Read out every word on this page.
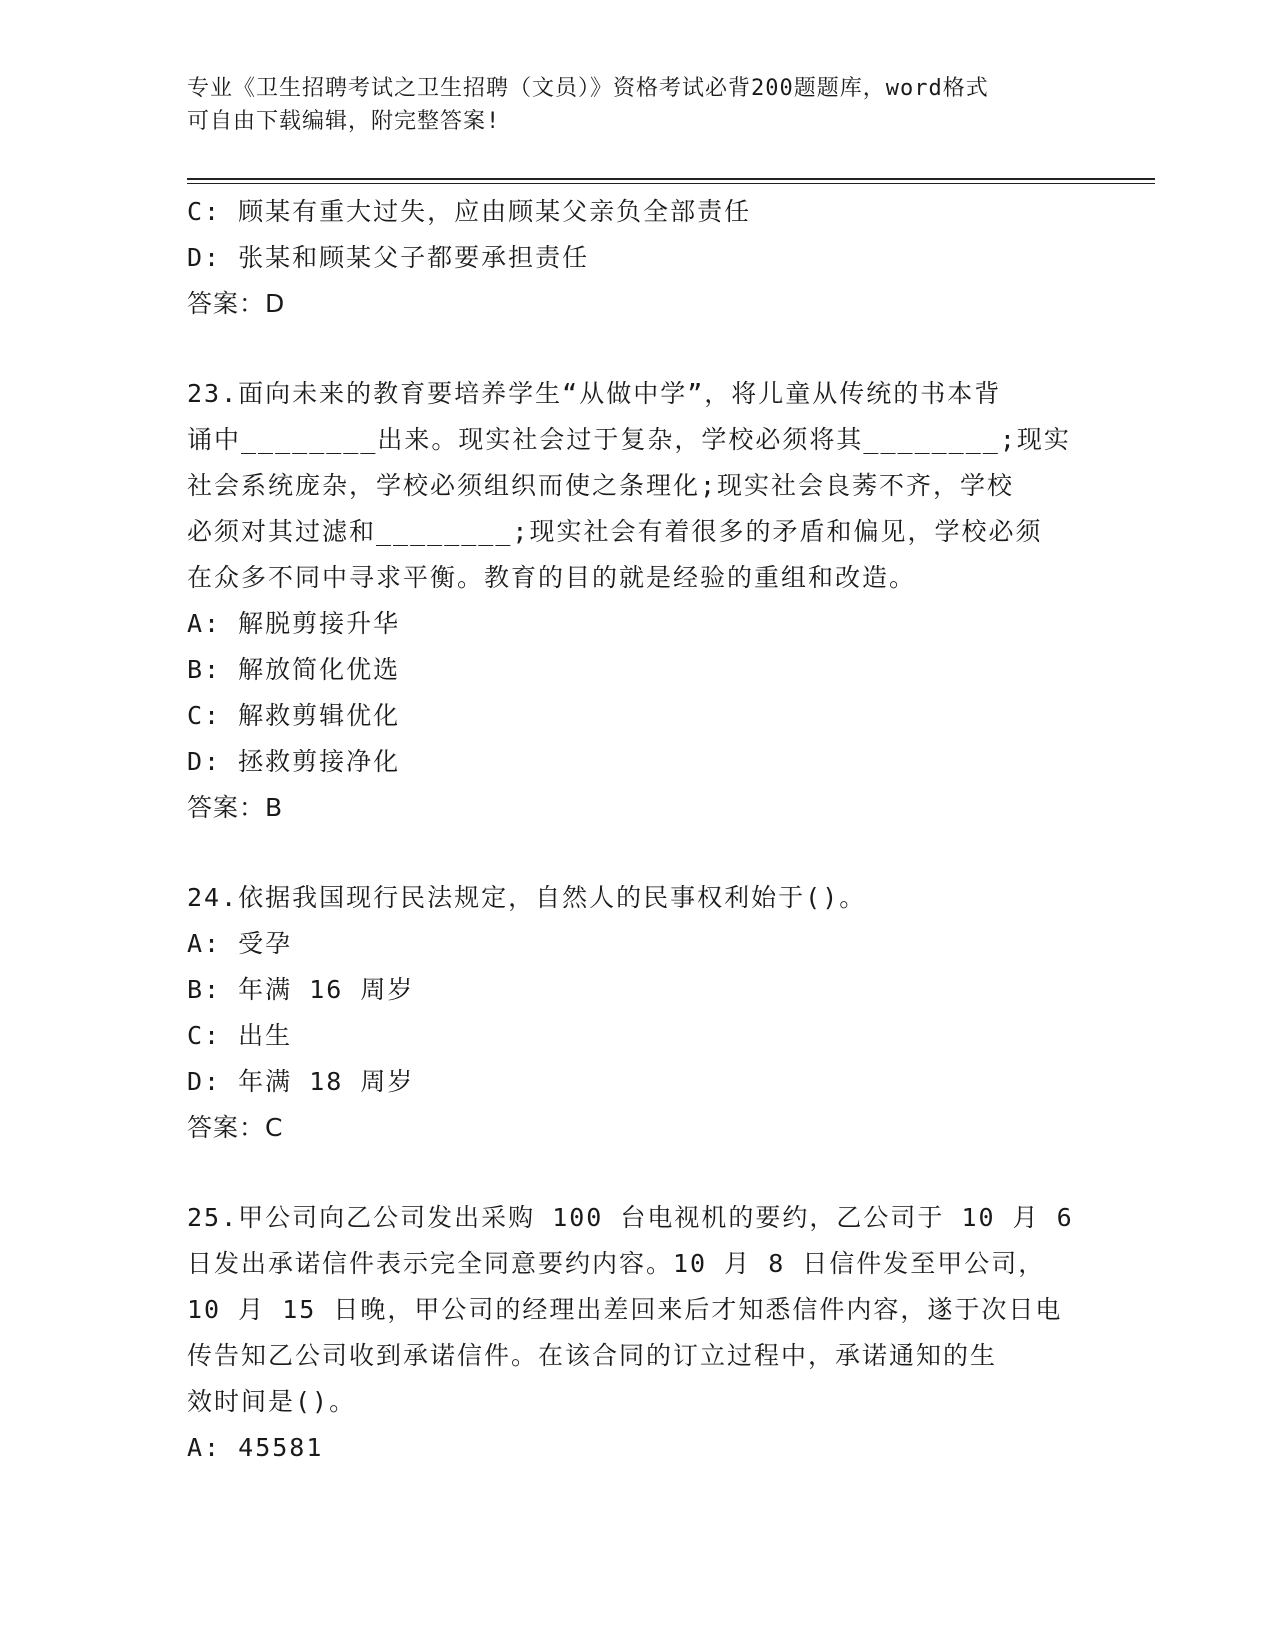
专业《卫生招聘考试之卫生招聘（文员）》资格考试必背200题题库，word格式
可自由下载编辑，附完整答案!
C: 顾某有重大过失，应由顾某父亲负全部责任
D: 张某和顾某父子都要承担责任
答案：D
23.面向未来的教育要培养学生“从做中学”，将儿童从传统的书本背
诵中________出来。现实社会过于复杂，学校必须将其________;现实
社会系统庞杂，学校必须组织而使之条理化;现实社会良莠不齐，学校
必须对其过滤和________;现实社会有着很多的矛盾和偏见，学校必须
在众多不同中寻求平衡。教育的目的就是经验的重组和改造。
A: 解脱剪接升华
B: 解放简化优选
C: 解救剪辑优化
D: 拯救剪接净化
答案：B
24.依据我国现行民法规定，自然人的民事权利始于()。
A: 受孕
B: 年满 16 周岁
C: 出生
D: 年满 18 周岁
答案：C
25.甲公司向乙公司发出采购 100 台电视机的要约，乙公司于 10 月 6
日发出承诺信件表示完全同意要约内容。10 月 8 日信件发至甲公司，
10 月 15 日晚，甲公司的经理出差回来后才知悉信件内容，遂于次日电
传告知乙公司收到承诺信件。在该合同的订立过程中，承诺通知的生
效时间是()。
A: 45581
